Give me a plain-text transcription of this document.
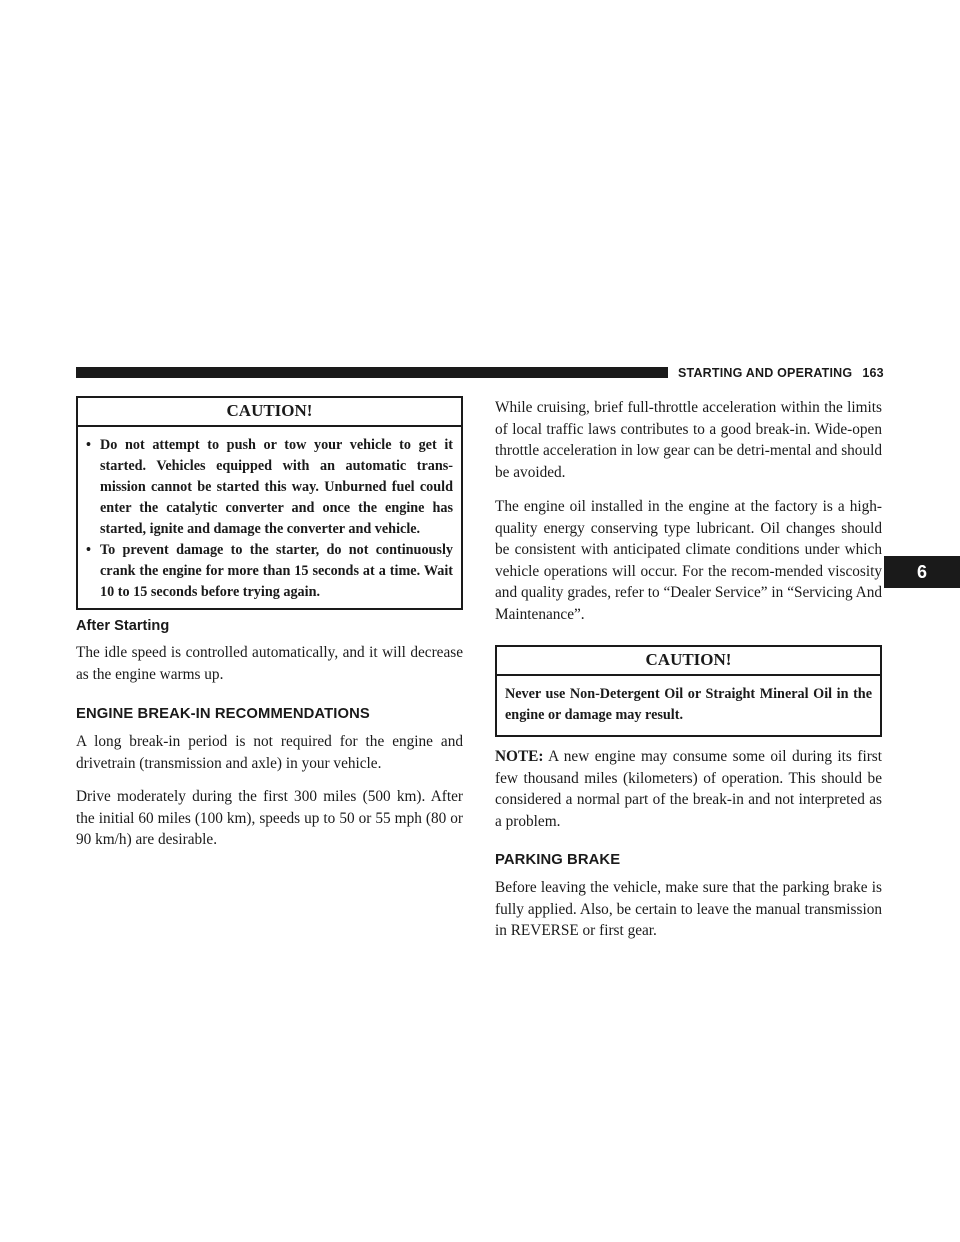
STARTING AND OPERATING 163
CAUTION!
• Do not attempt to push or tow your vehicle to get it started. Vehicles equipped with an automatic trans-mission cannot be started this way. Unburned fuel could enter the catalytic converter and once the engine has started, ignite and damage the converter and vehicle.
• To prevent damage to the starter, do not continuously crank the engine for more than 15 seconds at a time. Wait 10 to 15 seconds before trying again.
After Starting

The idle speed is controlled automatically, and it will decrease as the engine warms up.

ENGINE BREAK-IN RECOMMENDATIONS

A long break-in period is not required for the engine and drivetrain (transmission and axle) in your vehicle.

Drive moderately during the first 300 miles (500 km). After the initial 60 miles (100 km), speeds up to 50 or 55 mph (80 or 90 km/h) are desirable.

While cruising, brief full-throttle acceleration within the limits of local traffic laws contributes to a good break-in. Wide-open throttle acceleration in low gear can be detri-mental and should be avoided.

The engine oil installed in the engine at the factory is a high-quality energy conserving type lubricant. Oil changes should be consistent with anticipated climate conditions under which vehicle operations will occur. For the recom-mended viscosity and quality grades, refer to “Dealer Service” in “Servicing And Maintenance”.

CAUTION!
Never use Non-Detergent Oil or Straight Mineral Oil in the engine or damage may result.

NOTE: A new engine may consume some oil during its first few thousand miles (kilometers) of operation. This should be considered a normal part of the break-in and not interpreted as a problem.

PARKING BRAKE

Before leaving the vehicle, make sure that the parking brake is fully applied. Also, be certain to leave the manual transmission in REVERSE or first gear.

6
